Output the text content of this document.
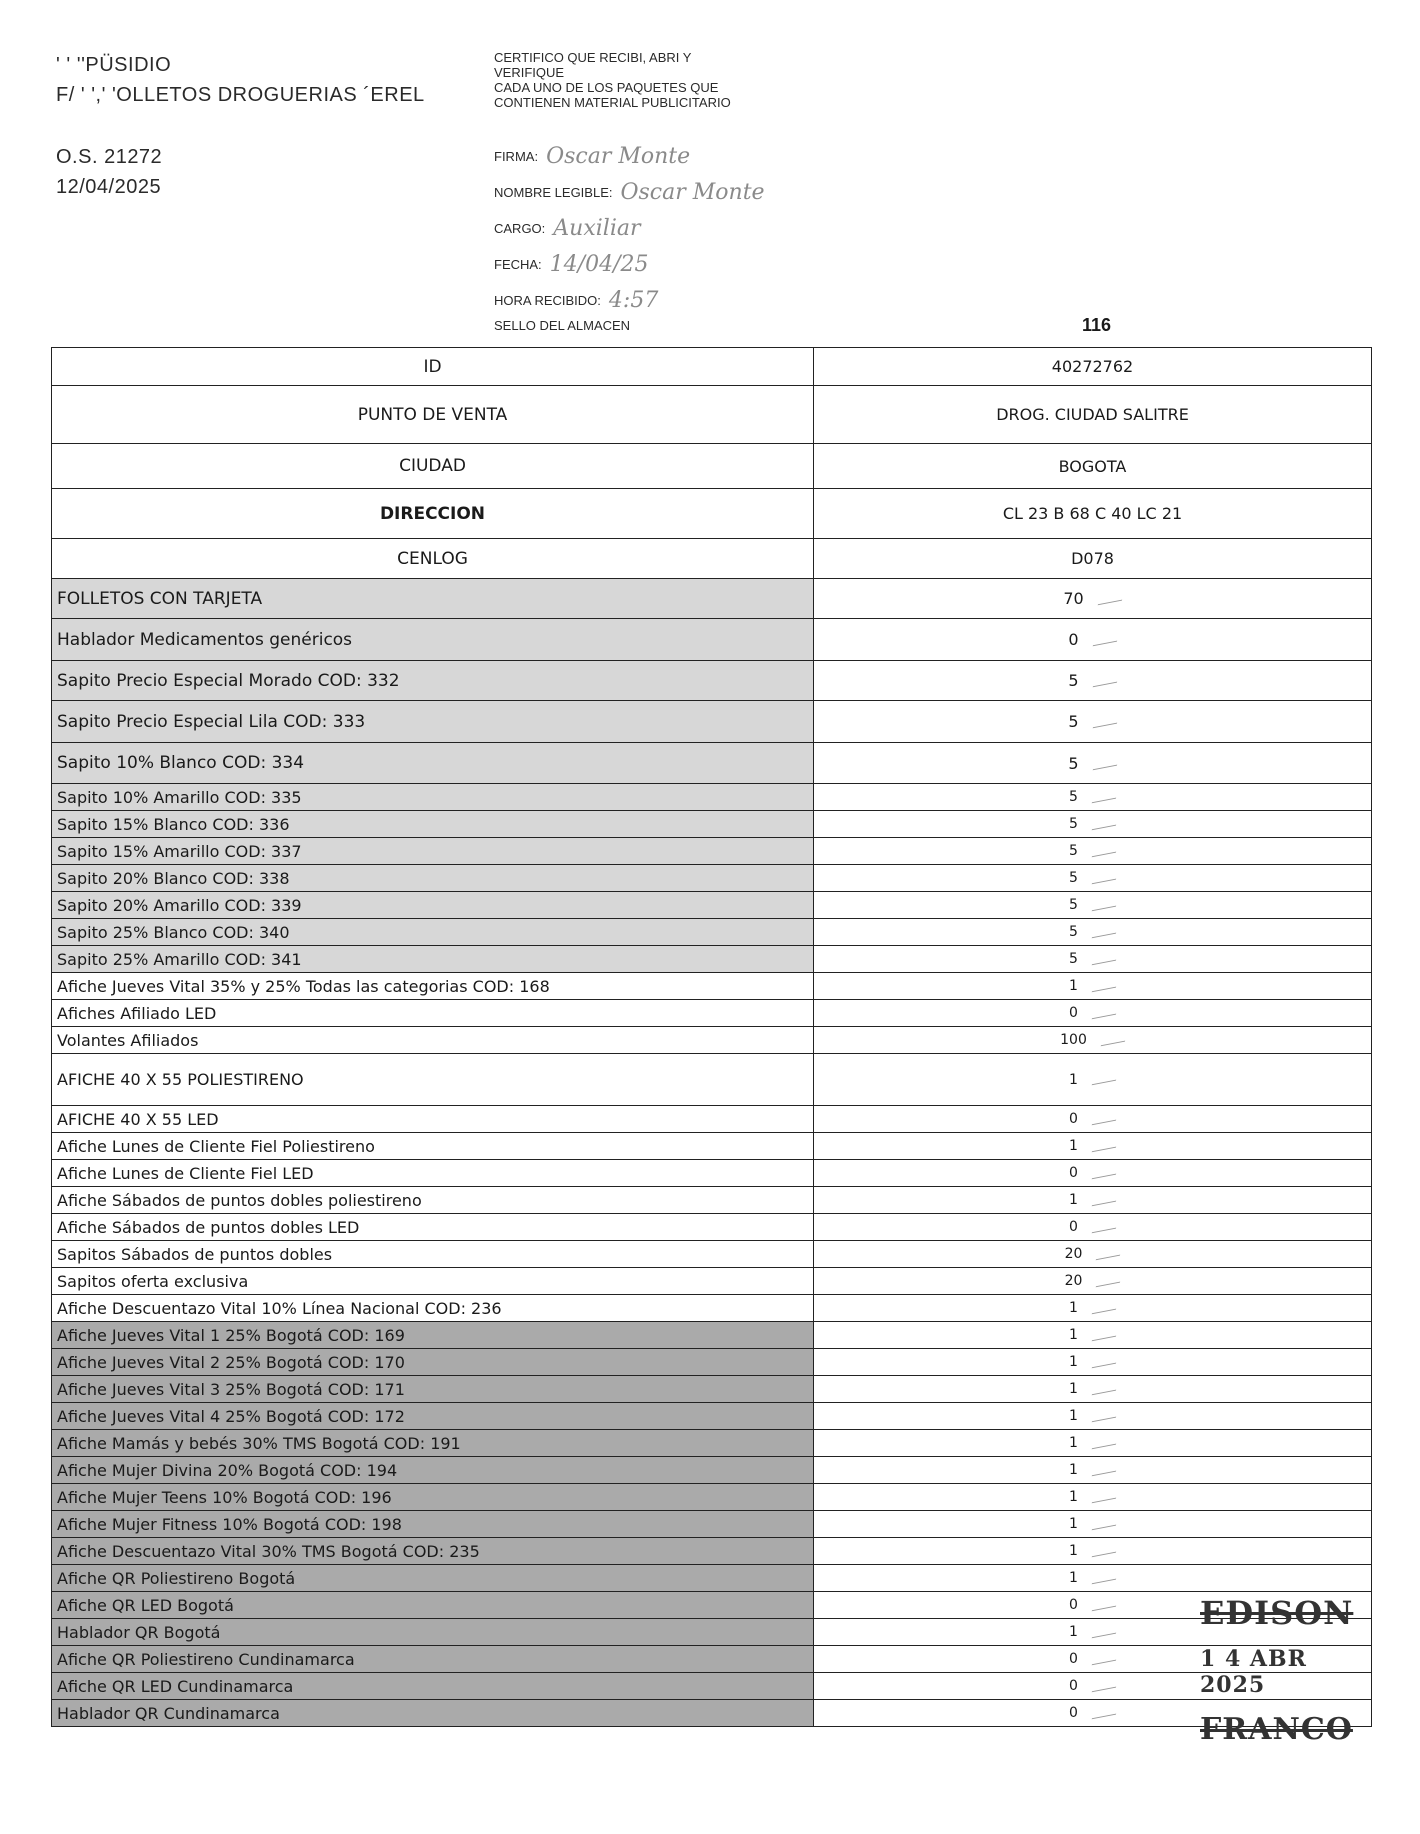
' ' ''PÜSIDIO
F/ ' ',' 'OLLETOS DROGUERIAS ´EREL
O.S. 21272
12/04/2025
CERTIFICO QUE RECIBI, ABRI Y
VERIFIQUE
CADA UNO DE LOS PAQUETES QUE
CONTIENEN MATERIAL PUBLICITARIO
FIRMA: Oscar Monte
NOMBRE LEGIBLE: Oscar Monte
CARGO: Auxiliar
FECHA: 14/04/25
HORA RECIBIDO: 4:57
SELLO DEL ALMACEN	116
ID	40272762
PUNTO DE VENTA	DROG. CIUDAD SALITRE
CIUDAD	BOGOTA
DIRECCION	CL 23 B 68 C 40 LC 21
CENLOG	D078
FOLLETOS CON TARJETA	70
Hablador Medicamentos genéricos	0
Sapito Precio Especial Morado COD: 332	5
Sapito Precio Especial Lila COD: 333	5
Sapito 10% Blanco COD: 334	5
Sapito 10% Amarillo COD: 335	5
Sapito 15% Blanco COD: 336	5
Sapito 15% Amarillo COD: 337	5
Sapito 20% Blanco COD: 338	5
Sapito 20% Amarillo COD: 339	5
Sapito 25% Blanco COD: 340	5
Sapito 25% Amarillo COD: 341	5
Afiche Jueves Vital 35% y 25% Todas las categorias COD: 168	1
Afiches Afiliado LED	0
Volantes Afiliados	100
AFICHE 40 X 55 POLIESTIRENO	1
AFICHE 40 X 55 LED	0
Afiche Lunes de Cliente Fiel Poliestireno	1
Afiche Lunes de Cliente Fiel LED	0
Afiche Sábados de puntos dobles poliestireno	1
Afiche Sábados de puntos dobles LED	0
Sapitos Sábados de puntos dobles	20
Sapitos oferta exclusiva	20
Afiche Descuentazo Vital 10% Línea Nacional COD: 236	1
Afiche Jueves Vital 1 25% Bogotá COD: 169	1
Afiche Jueves Vital 2 25% Bogotá COD: 170	1
Afiche Jueves Vital 3 25% Bogotá COD: 171	1
Afiche Jueves Vital 4 25% Bogotá COD: 172	1
Afiche Mamás y bebés 30% TMS Bogotá COD: 191	1
Afiche Mujer Divina 20% Bogotá COD: 194	1
Afiche Mujer Teens 10% Bogotá COD: 196	1
Afiche Mujer Fitness 10% Bogotá COD: 198	1
Afiche Descuentazo Vital 30% TMS Bogotá COD: 235	1
Afiche QR Poliestireno Bogotá	1
Afiche QR LED Bogotá	0
Hablador QR Bogotá	1
Afiche QR Poliestireno Cundinamarca	0
Afiche QR LED Cundinamarca	0
Hablador QR Cundinamarca	0
EDISON
1 4 ABR 2025
FRANCO
